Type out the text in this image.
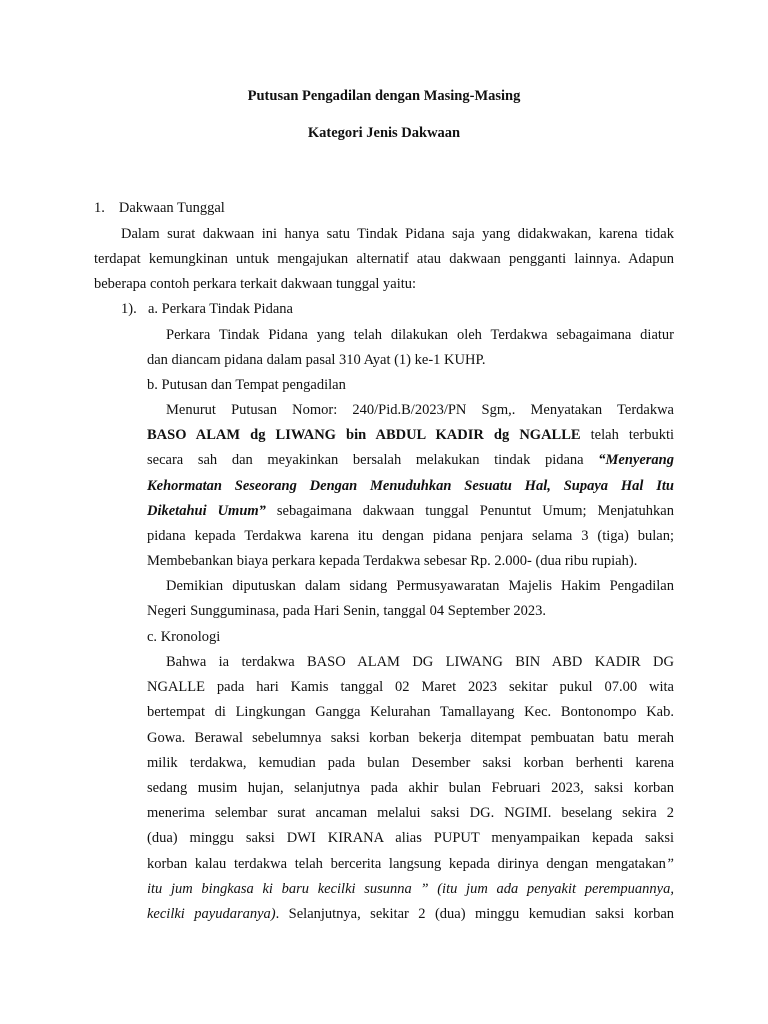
Putusan Pengadilan dengan Masing-Masing
Kategori Jenis Dakwaan
1. Dakwaan Tunggal
Dalam surat dakwaan ini hanya satu Tindak Pidana saja yang didakwakan, karena tidak
terdapat kemungkinan untuk mengajukan alternatif atau dakwaan pengganti lainnya. Adapun
beberapa contoh perkara terkait dakwaan tunggal yaitu:
1). a. Perkara Tindak Pidana
Perkara Tindak Pidana yang telah dilakukan oleh Terdakwa sebagaimana diatur
dan diancam pidana dalam pasal 310 Ayat (1) ke-1 KUHP.
b. Putusan dan Tempat pengadilan
Menurut Putusan Nomor: 240/Pid.B/2023/PN Sgm,. Menyatakan Terdakwa
BASO ALAM dg LIWANG bin ABDUL KADIR dg NGALLE telah terbukti
secara sah dan meyakinkan bersalah melakukan tindak pidana “Menyerang
Kehormatan Seseorang Dengan Menuduhkan Sesuatu Hal, Supaya Hal Itu
Diketahui Umum” sebagaimana dakwaan tunggal Penuntut Umum; Menjatuhkan
pidana kepada Terdakwa karena itu dengan pidana penjara selama 3 (tiga) bulan;
Membebankan biaya perkara kepada Terdakwa sebesar Rp. 2.000- (dua ribu rupiah).
Demikian diputuskan dalam sidang Permusyawaratan Majelis Hakim Pengadilan
Negeri Sungguminasa, pada Hari Senin, tanggal 04 September 2023.
c. Kronologi
Bahwa ia terdakwa BASO ALAM DG LIWANG BIN ABD KADIR DG
NGALLE pada hari Kamis tanggal 02 Maret 2023 sekitar pukul 07.00 wita
bertempat di Lingkungan Gangga Kelurahan Tamallayang Kec. Bontonompo Kab.
Gowa. Berawal sebelumnya saksi korban bekerja ditempat pembuatan batu merah
milik terdakwa, kemudian pada bulan Desember saksi korban berhenti karena
sedang musim hujan, selanjutnya pada akhir bulan Februari 2023, saksi korban
menerima selembar surat ancaman melalui saksi DG. NGIMI. beselang sekira 2
(dua) minggu saksi DWI KIRANA alias PUPUT menyampaikan kepada saksi
korban kalau terdakwa telah bercerita langsung kepada dirinya dengan mengatakan”
itu jum bingkasa ki baru kecilki susunna ” (itu jum ada penyakit perempuannya,
kecilki payudaranya). Selanjutnya, sekitar 2 (dua) minggu kemudian saksi korban
